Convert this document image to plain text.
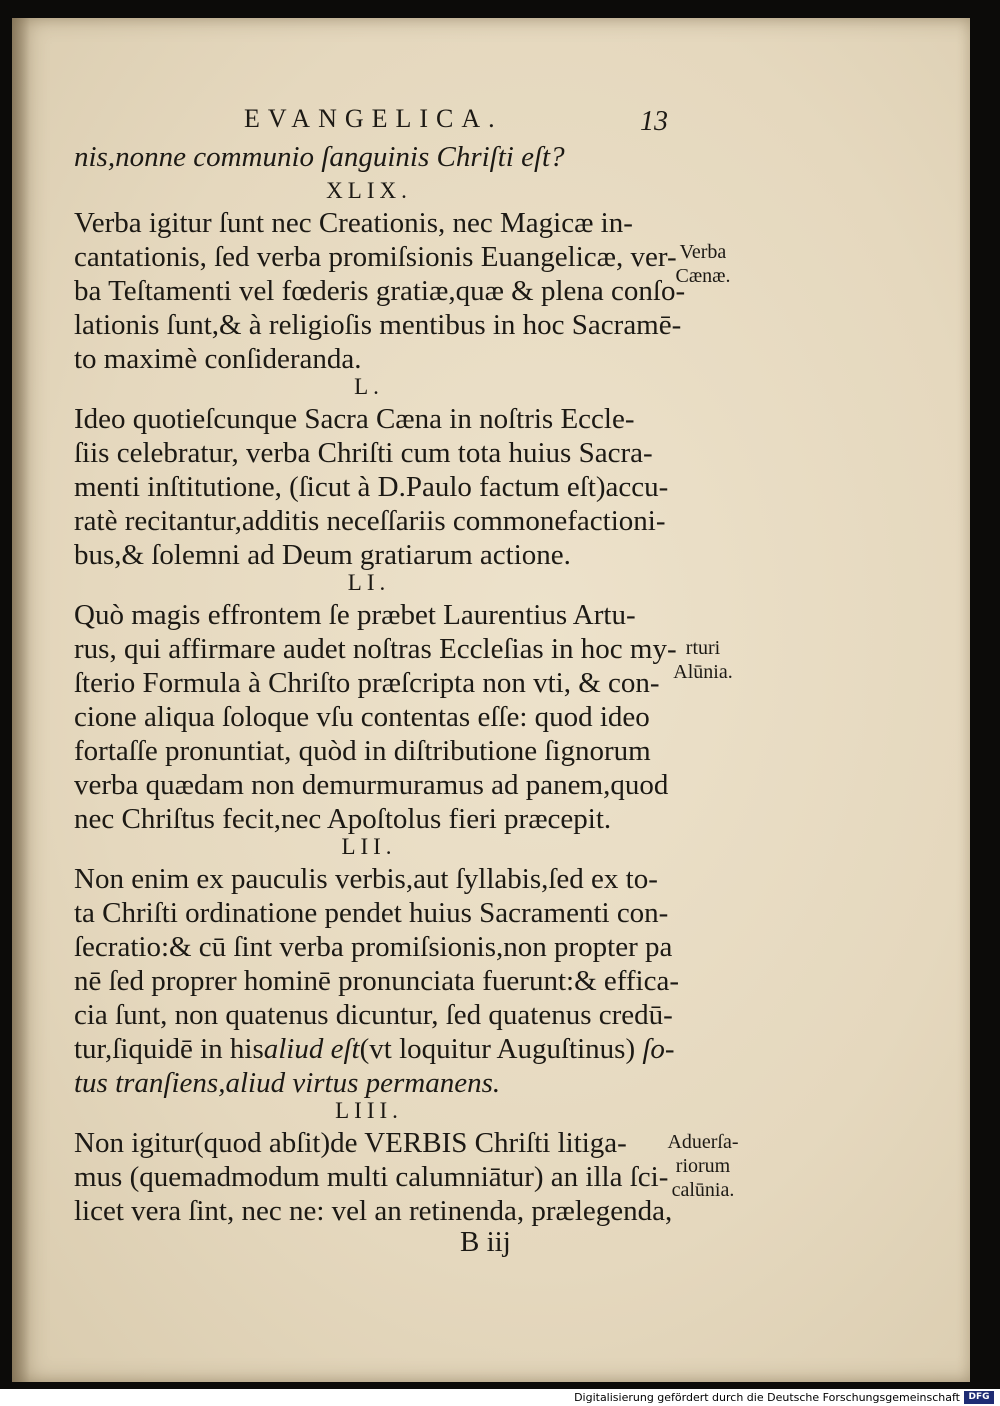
EVANGELICA.	13
nis,nonne communio ſanguinis Chriſti eſt?
XLIX.
Verba igitur ſunt nec Creationis, nec Magicæ in-
cantationis, ſed verba promiſsionis Euangelicæ, ver-
ba Teſtamenti vel fœderis gratiæ,quæ & plena conſo-
lationis ſunt,& à religioſis mentibus in hoc Sacramē-
to maximè conſideranda.
L.
Ideo quotieſcunque Sacra Cæna in noſtris Eccle-
ſiis celebratur, verba Chriſti cum tota huius Sacra-
menti inſtitutione, (ſicut à D.Paulo factum eſt)accu-
ratè recitantur,additis neceſſariis commonefactioni-
bus,& ſolemni ad Deum gratiarum actione.
LI.
Quò magis effrontem ſe præbet Laurentius Artu-
rus, qui affirmare audet noſtras Eccleſias in hoc my-
ſterio Formula à Chriſto præſcripta non vti, & con-
cione aliqua ſoloque vſu contentas eſſe: quod ideo
fortaſſe pronuntiat, quòd in diſtributione ſignorum
verba quædam non demurmuramus ad panem,quod
nec Chriſtus fecit,nec Apoſtolus fieri præcepit.
LII.
Non enim ex pauculis verbis,aut ſyllabis,ſed ex to-
ta Chriſti ordinatione pendet huius Sacramenti con-
ſecratio:& cū ſint verba promiſsionis,non propter pa
nē ſed proprer hominē pronunciata fuerunt:& effica-
cia ſunt, non quatenus dicuntur, ſed quatenus credū-
tur,ſiquidē in hisaliud eſt(vt loquitur Auguſtinus) ſo-
tus tranſiens,aliud virtus permanens.
LIII.
Non igitur(quod abſit)de VERBIS Chriſti litiga-
mus (quemadmodum multi calumniātur) an illa ſci-
licet vera ſint, nec ne: vel an retinenda, prælegenda,
B iij
Verba
Cænæ.
rturi
Alūnia.
Aduerſa-
riorum
calūnia.
Digitalisierung gefördert durch die Deutsche Forschungsgemeinschaft DFG
